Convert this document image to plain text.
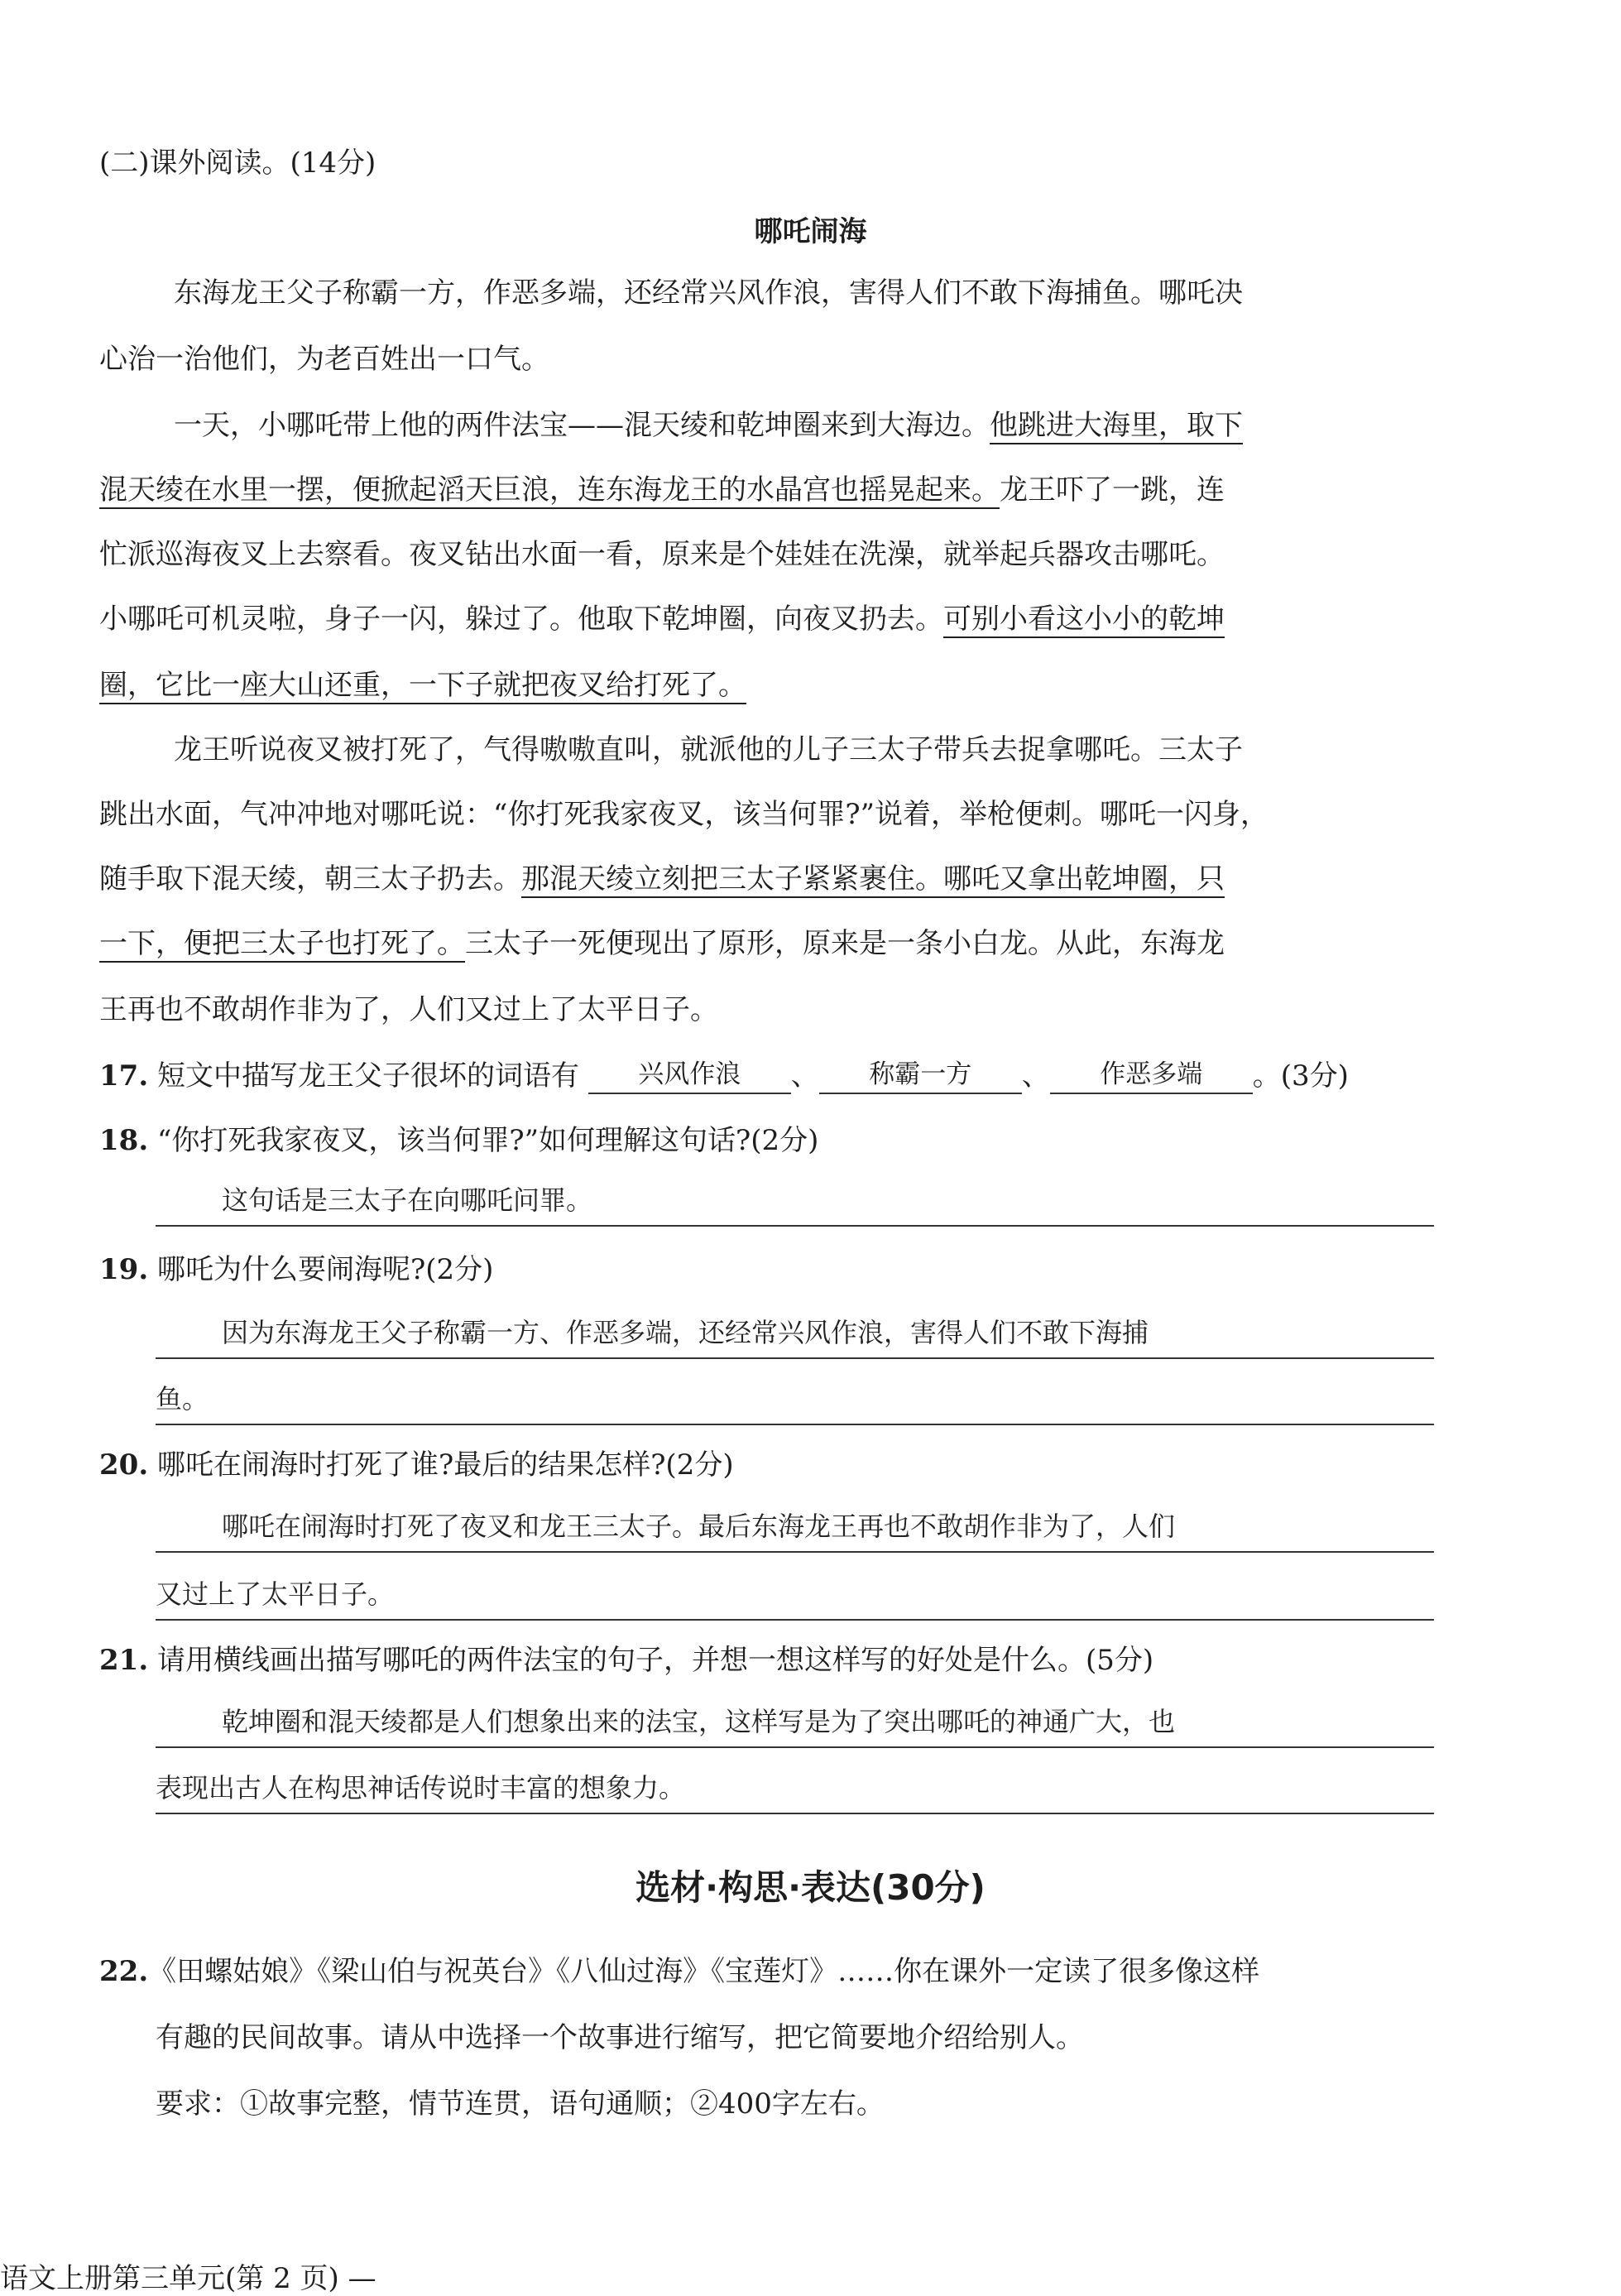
(二)课外阅读。(14分)
哪吒闹海
东海龙王父子称霸一方，作恶多端，还经常兴风作浪，害得人们不敢下海捕鱼。哪吒决
心治一治他们，为老百姓出一口气。
一天，小哪吒带上他的两件法宝——混天绫和乾坤圈来到大海边。他跳进大海里，取下
混天绫在水里一摆，便掀起滔天巨浪，连东海龙王的水晶宫也摇晃起来。龙王吓了一跳，连
忙派巡海夜叉上去察看。夜叉钻出水面一看，原来是个娃娃在洗澡，就举起兵器攻击哪吒。
小哪吒可机灵啦，身子一闪，躲过了。他取下乾坤圈，向夜叉扔去。可别小看这小小的乾坤
圈，它比一座大山还重，一下子就把夜叉给打死了。
龙王听说夜叉被打死了，气得嗷嗷直叫，就派他的儿子三太子带兵去捉拿哪吒。三太子
跳出水面，气冲冲地对哪吒说：“你打死我家夜叉，该当何罪?”说着，举枪便刺。哪吒一闪身，
随手取下混天绫，朝三太子扔去。那混天绫立刻把三太子紧紧裹住。哪吒又拿出乾坤圈，只
一下，便把三太子也打死了。三太子一死便现出了原形，原来是一条小白龙。从此，东海龙
王再也不敢胡作非为了，人们又过上了太平日子。
17. 短文中描写龙王父子很坏的词语有 兴风作浪 、 称霸一方 、 作恶多端 。(3分)
18. “你打死我家夜叉，该当何罪?”如何理解这句话?(2分)
这句话是三太子在向哪吒问罪。
19. 哪吒为什么要闹海呢?(2分)
因为东海龙王父子称霸一方、作恶多端，还经常兴风作浪，害得人们不敢下海捕
鱼。
20. 哪吒在闹海时打死了谁?最后的结果怎样?(2分)
哪吒在闹海时打死了夜叉和龙王三太子。最后东海龙王再也不敢胡作非为了，人们
又过上了太平日子。
21. 请用横线画出描写哪吒的两件法宝的句子，并想一想这样写的好处是什么。(5分)
乾坤圈和混天绫都是人们想象出来的法宝，这样写是为了突出哪吒的神通广大，也
表现出古人在构思神话传说时丰富的想象力。
选材·构思·表达(30分)
22.《田螺姑娘》《梁山伯与祝英台》《八仙过海》《宝莲灯》……你在课外一定读了很多像这样
有趣的民间故事。请从中选择一个故事进行缩写，把它简要地介绍给别人。
要求：①故事完整，情节连贯，语句通顺；②400字左右。
语文上册第三单元(第 2 页) —
